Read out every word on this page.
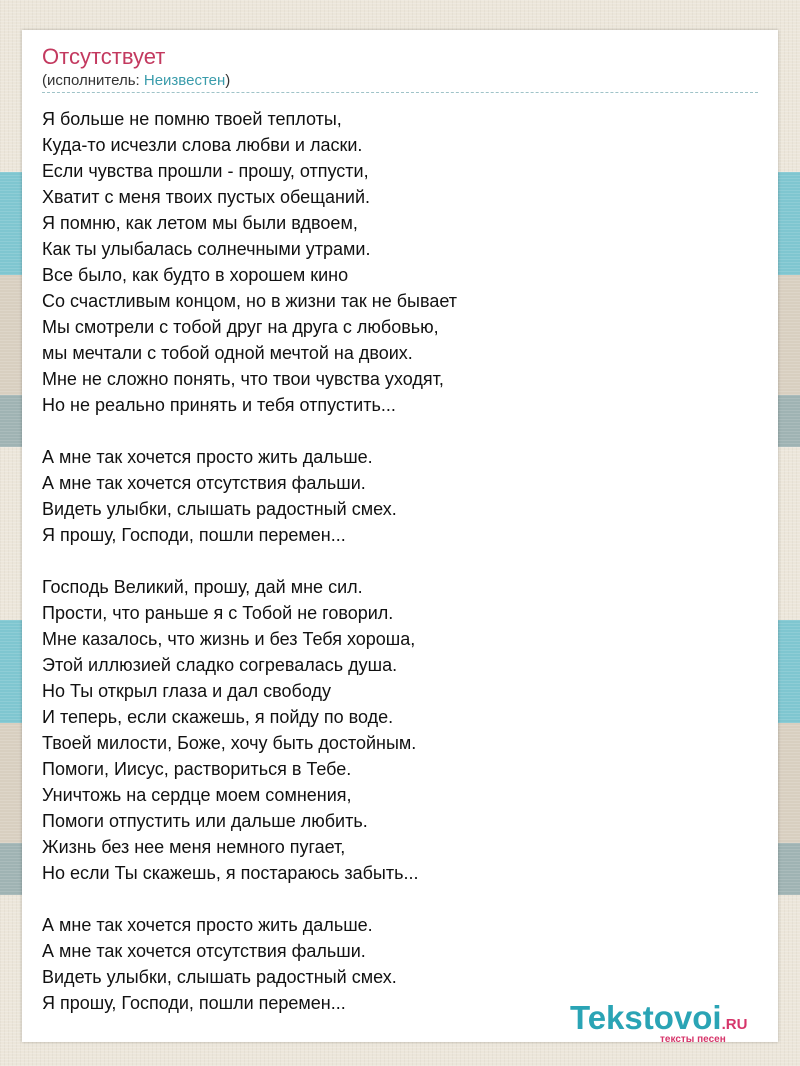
Отсутствует
(исполнитель: Неизвестен)
Я больше не помню твоей теплоты,
Куда-то исчезли слова любви и ласки.
Если чувства прошли - прошу, отпусти,
Хватит с меня твоих пустых обещаний.
Я помню, как летом мы были вдвоем,
Как ты улыбалась солнечными утрами.
Все было, как будто в хорошем кино
Со счастливым концом, но в жизни так не бывает
Мы смотрели с тобой друг на друга с любовью,
мы мечтали с тобой одной мечтой на двоих.
Мне не сложно понять, что твои чувства уходят,
Но не реально принять и тебя отпустить...
А мне так хочется просто жить дальше.
А мне так хочется отсутствия фальши.
Видеть улыбки, слышать радостный смех.
Я прошу, Господи, пошли перемен...
Господь Великий, прошу, дай мне сил.
Прости, что раньше я с Тобой не говорил.
Мне казалось, что жизнь и без Тебя хороша,
Этой иллюзией сладко согревалась душа.
Но Ты открыл глаза и дал свободу
И теперь, если скажешь, я пойду по воде.
Твоей милости, Боже, хочу быть достойным.
Помоги, Иисус, раствориться в Тебе.
Уничтожь на сердце моем сомнения,
Помоги отпустить или дальше любить.
Жизнь без нее меня немного пугает,
Но если Ты скажешь, я постараюсь забыть...
А мне так хочется просто жить дальше.
А мне так хочется отсутствия фальши.
Видеть улыбки, слышать радостный смех.
Я прошу, Господи, пошли перемен...	Tekstovoi.RU
тексты песен
